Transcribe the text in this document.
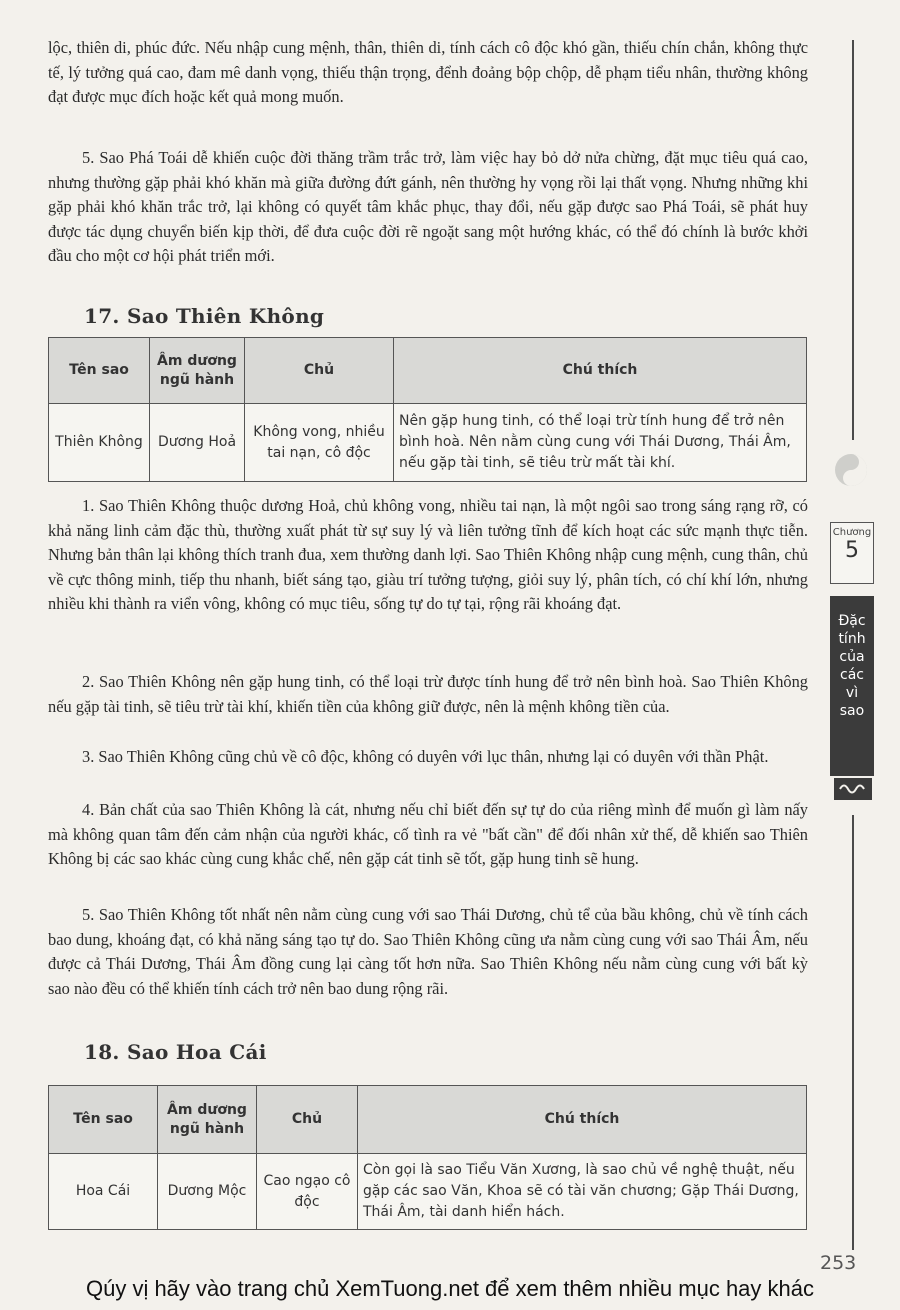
lộc, thiên di, phúc đức. Nếu nhập cung mệnh, thân, thiên di, tính cách cô độc khó gần, thiếu chín chắn, không thực tế, lý tưởng quá cao, đam mê danh vọng, thiếu thận trọng, đểnh đoảng bộp chộp, dễ phạm tiểu nhân, thường không đạt được mục đích hoặc kết quả mong muốn.

5. Sao Phá Toái dễ khiến cuộc đời thăng trầm trắc trở, làm việc hay bỏ dở nửa chừng, đặt mục tiêu quá cao, nhưng thường gặp phải khó khăn mà giữa đường đứt gánh, nên thường hy vọng rồi lại thất vọng. Nhưng những khi gặp phải khó khăn trắc trở, lại không có quyết tâm khắc phục, thay đổi, nếu gặp được sao Phá Toái, sẽ phát huy được tác dụng chuyển biến kịp thời, để đưa cuộc đời rẽ ngoặt sang một hướng khác, có thể đó chính là bước khởi đầu cho một cơ hội phát triển mới.

17. Sao Thiên Không
Tên sao	Âm dương ngũ hành	Chủ	Chú thích
Thiên Không	Dương Hoả	Không vong, nhiều tai nạn, cô độc	Nên gặp hung tinh, có thể loại trừ tính hung để trở nên bình hoà. Nên nằm cùng cung với Thái Dương, Thái Âm, nếu gặp tài tinh, sẽ tiêu trừ mất tài khí.

1. Sao Thiên Không thuộc dương Hoả, chủ không vong, nhiều tai nạn, là một ngôi sao trong sáng rạng rỡ, có khả năng linh cảm đặc thù, thường xuất phát từ sự suy lý và liên tưởng tĩnh để kích hoạt các sức mạnh thực tiễn. Nhưng bản thân lại không thích tranh đua, xem thường danh lợi. Sao Thiên Không nhập cung mệnh, cung thân, chủ về cực thông minh, tiếp thu nhanh, biết sáng tạo, giàu trí tưởng tượng, giỏi suy lý, phân tích, có chí khí lớn, nhưng nhiều khi thành ra viển vông, không có mục tiêu, sống tự do tự tại, rộng rãi khoáng đạt.

2. Sao Thiên Không nên gặp hung tinh, có thể loại trừ được tính hung để trở nên bình hoà. Sao Thiên Không nếu gặp tài tinh, sẽ tiêu trừ tài khí, khiến tiền của không giữ được, nên là mệnh không tiền của.

3. Sao Thiên Không cũng chủ về cô độc, không có duyên với lục thân, nhưng lại có duyên với thần Phật.

4. Bản chất của sao Thiên Không là cát, nhưng nếu chỉ biết đến sự tự do của riêng mình để muốn gì làm nấy mà không quan tâm đến cảm nhận của người khác, cố tình ra vẻ "bất cần" để đối nhân xử thế, dễ khiến sao Thiên Không bị các sao khác cùng cung khắc chế, nên gặp cát tinh sẽ tốt, gặp hung tinh sẽ hung.

5. Sao Thiên Không tốt nhất nên nằm cùng cung với sao Thái Dương, chủ tể của bầu không, chủ về tính cách bao dung, khoáng đạt, có khả năng sáng tạo tự do. Sao Thiên Không cũng ưa nằm cùng cung với sao Thái Âm, nếu được cả Thái Dương, Thái Âm đồng cung lại càng tốt hơn nữa. Sao Thiên Không nếu nằm cùng cung với bất kỳ sao nào đều có thể khiến tính cách trở nên bao dung rộng rãi.

18. Sao Hoa Cái
Tên sao	Âm dương ngũ hành	Chủ	Chú thích
Hoa Cái	Dương Mộc	Cao ngạo cô độc	Còn gọi là sao Tiểu Văn Xương, là sao chủ về nghệ thuật, nếu gặp các sao Văn, Khoa sẽ có tài văn chương; Gặp Thái Dương, Thái Âm, tài danh hiển hách.
Chương
5
Đặc
tính
của
các
vì
sao
253
Qúy vị hãy vào trang chủ XemTuong.net để xem thêm nhiều mục hay khác
